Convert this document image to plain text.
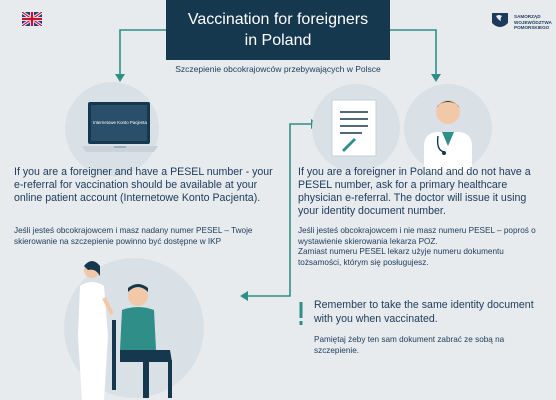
Vaccination for foreigners
in Poland
Szczepienie obcokrajowców przebywających w Polsce
SAMORZĄD
WOJEWÓDZTWA POMORSKIEGO
Internetowe Konto Pacjenta
If you are a foreigner and have a PESEL number - your e-referral for vaccination should be available at your online patient account (Internetowe Konto Pacjenta).
Jeśli jesteś obcokrajowcem i masz nadany numer PESEL – Twoje skierowanie na szczepienie powinno być dostępne w IKP
If you are a foreigner in Poland and do not have a PESEL number, ask for a primary healthcare physician e-referral. The doctor will issue it using your identity document number.
Jeśli jesteś obcokrajowcem i nie masz numeru PESEL – poproś o wystawienie skierowania lekarza POZ.
Zamiast numeru PESEL lekarz użyje numeru dokumentu tożsamości, którym się posługujesz.
Remember to take the same identity document with you when vaccinated.
Pamiętaj żeby ten sam dokument zabrać ze sobą na szczepienie.
